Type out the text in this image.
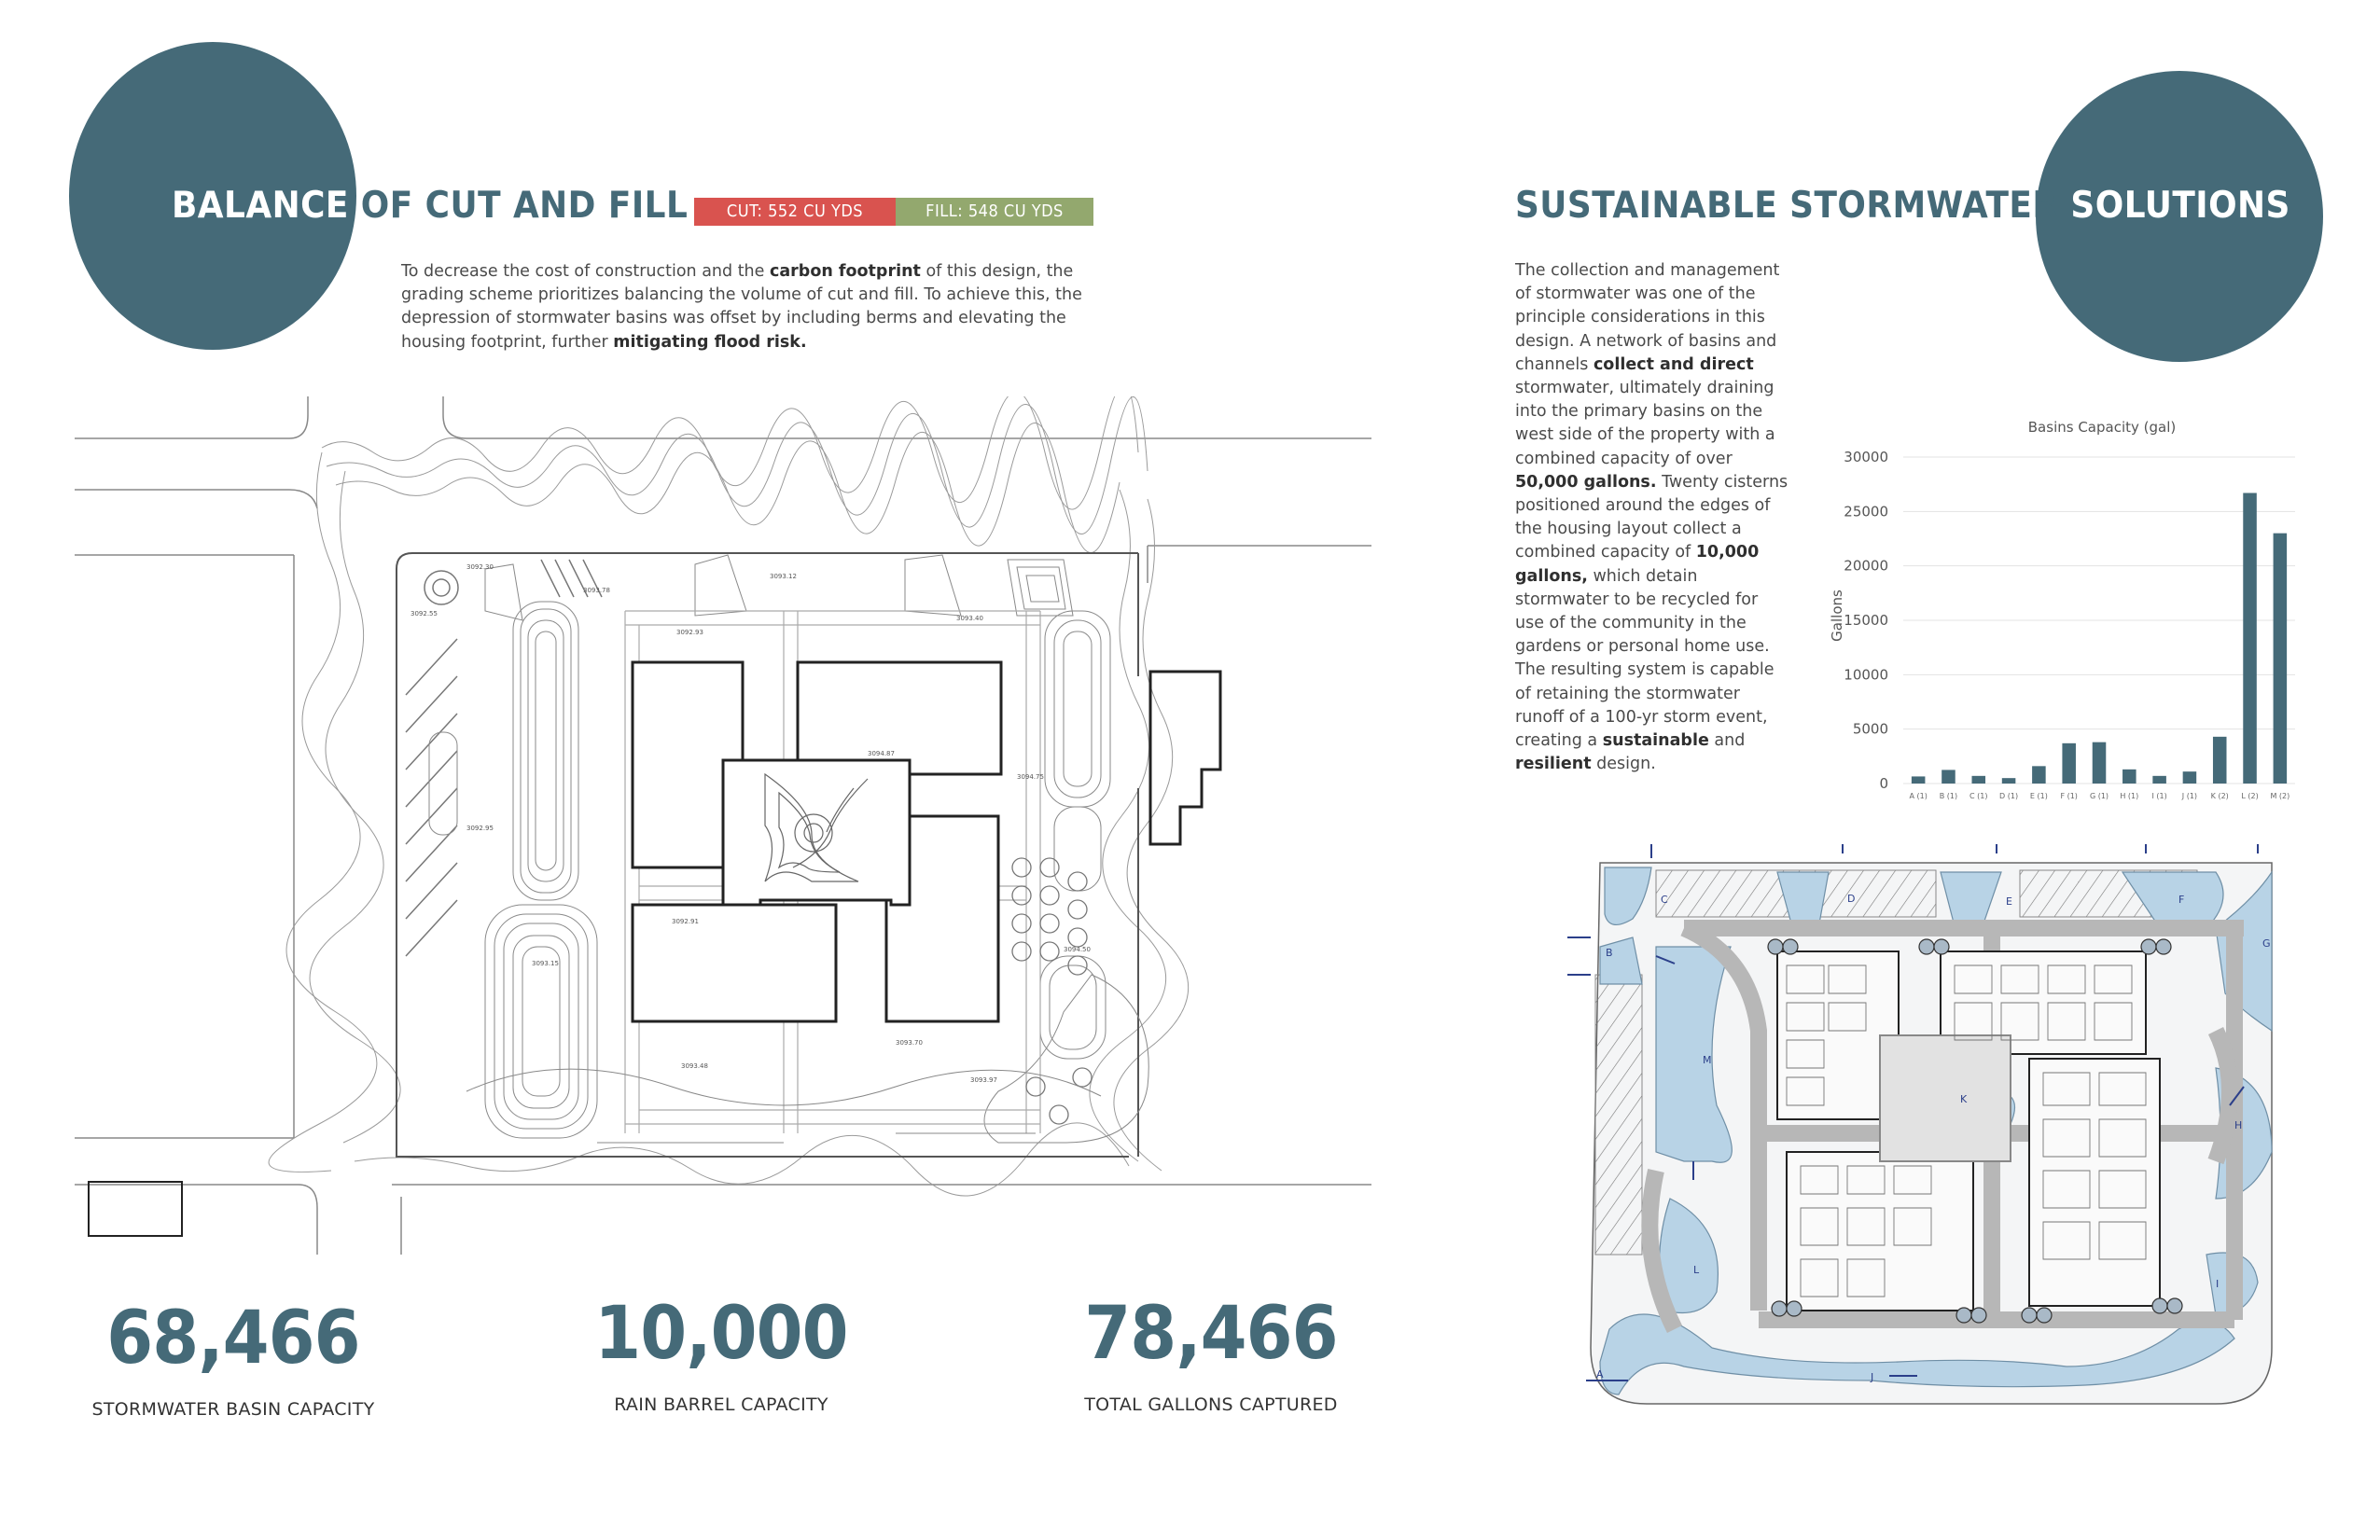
BALANCE OF CUT AND FILL	CUT: 552 CU YDS	FILL: 548 CU YDS
To decrease the cost of construction and the carbon footprint of this design, the grading scheme prioritizes balancing the volume of cut and fill. To achieve this, the depression of stormwater basins was offset by including berms and elevating the housing footprint, further mitigating flood risk.
3092.30
3093.78
3093.12
3092.93
3093.40
3094.87
3092.95
3093.15
3093.48
3093.70
3093.97
3094.50
3094.75
3092.91
3092.55
68,466
STORMWATER BASIN CAPACITY
10,000
RAIN BARREL CAPACITY
78,466
TOTAL GALLONS CAPTURED
SUSTAINABLE STORMWATER SOLUTIONS
The collection and management of stormwater was one of the principle considerations in this design. A network of basins and channels collect and direct stormwater, ultimately draining into the primary basins on the west side of the property with a combined capacity of over 50,000 gallons. Twenty cisterns positioned around the edges of the housing layout collect a combined capacity of 10,000 gallons, which detain stormwater to be recycled for use of the community in the gardens or personal home use. The resulting system is capable of retaining the stormwater runoff of a 100-yr storm event, creating a sustainable and resilient design.
Basins Capacity (gal)
Gallons
0
5000
10000
15000
20000
25000
30000
A (1) B (1) C (1) D (1) E (1) F (1) G (1) H (1) I (1) J (1) K (2) L (2) M (2)
A
B
C	D	E	F
G
H
I
J
K
L
M
